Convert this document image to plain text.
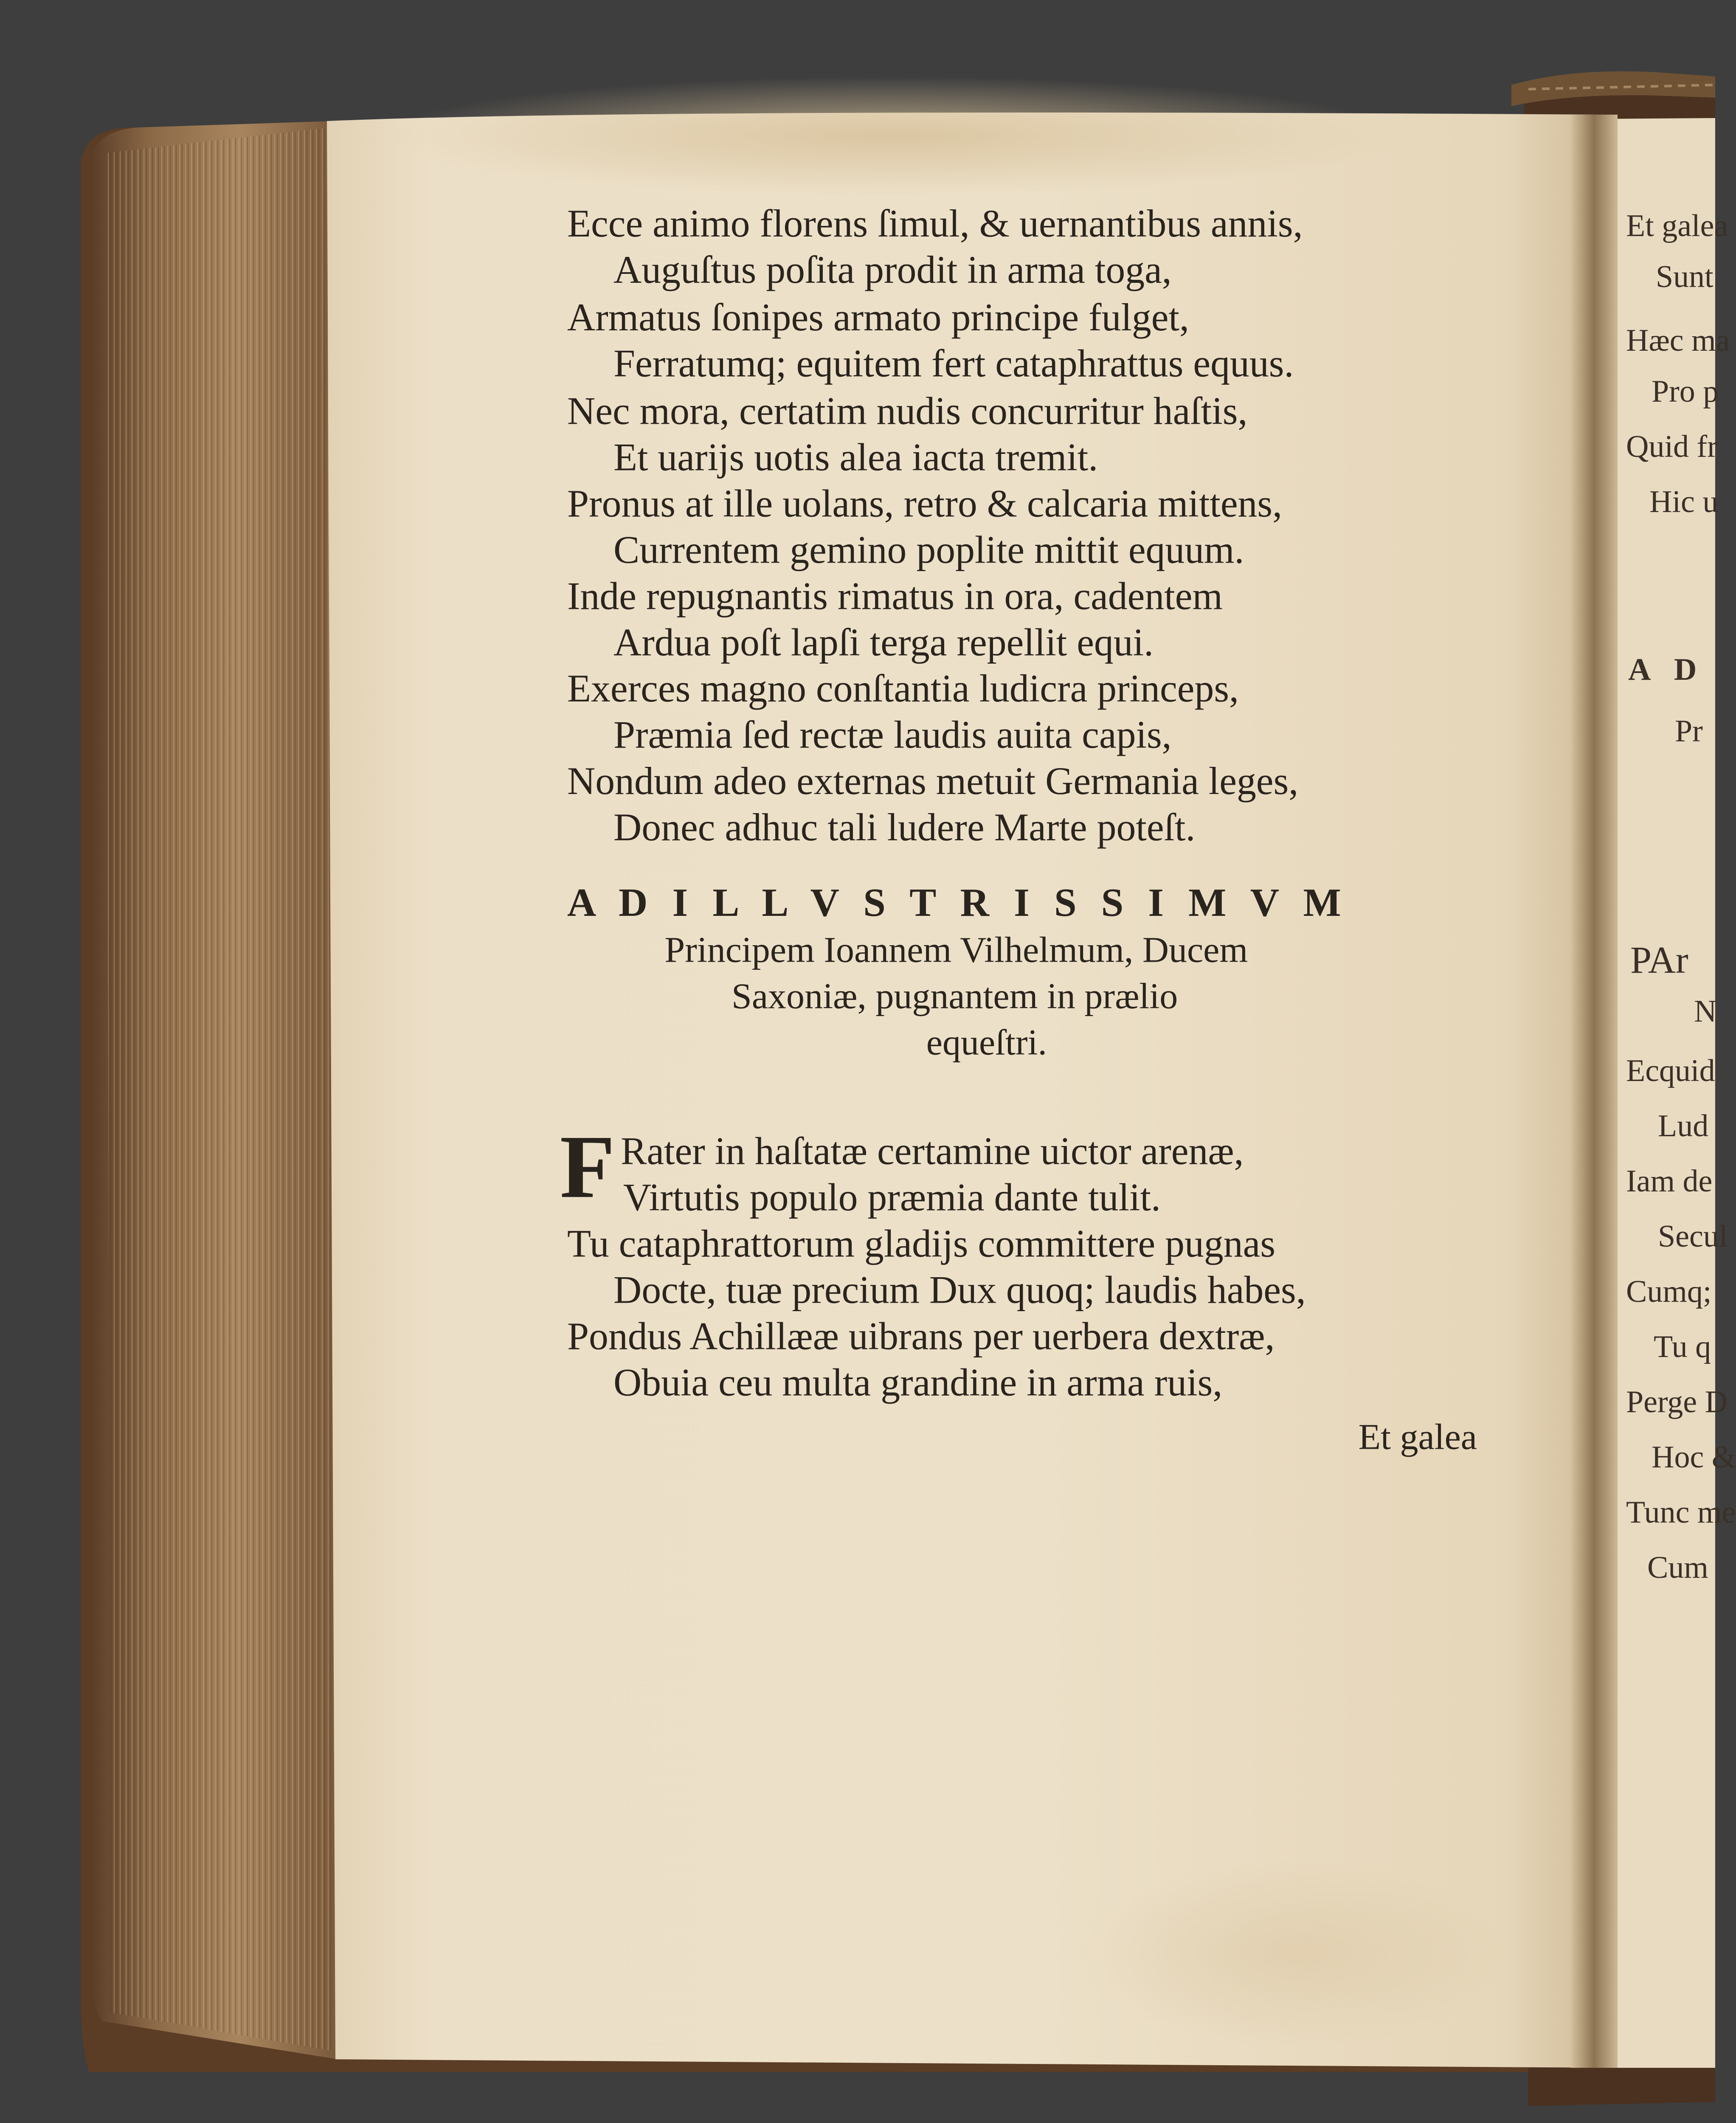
Ecce animo florens ſimul, & uernantibus annis,
Auguſtus poſita prodit in arma toga,
Armatus ſonipes armato principe fulget,
Ferratumq; equitem fert cataphrattus equus.
Nec mora, certatim nudis concurritur haſtis,
Et uarijs uotis alea iacta tremit.
Pronus at ille uolans, retro & calcaria mittens,
Currentem gemino poplite mittit equum.
Inde repugnantis rimatus in ora, cadentem
Ardua poſt lapſi terga repellit equi.
Exerces magno conſtantia ludicra princeps,
Præmia ſed rectæ laudis auita capis,
Nondum adeo externas metuit Germania leges,
Donec adhuc tali ludere Marte poteſt.
A D I L L V S T R I S S I M V M
Principem Ioannem Vilhelmum, Ducem
Saxoniæ, pugnantem in prælio
equeſtri.
F Rater in haſtatæ certamine uictor arenæ,
Virtutis populo præmia dante tulit.
Tu cataphrattorum gladijs committere pugnas
Docte, tuæ precium Dux quoq; laudis habes,
Pondus Achillææ uibrans per uerbera dextræ,
Obuia ceu multa grandine in arma ruis,
Et galea
Et galea
Sunt
Hæc ma
Pro p
Quid fr
Hic u
A D
Pr
PAr
N
Ecquid
Lud
Iam de
Secul
Cumq;
Tu q
Perge D
Hoc &
Tunc me
Cum
